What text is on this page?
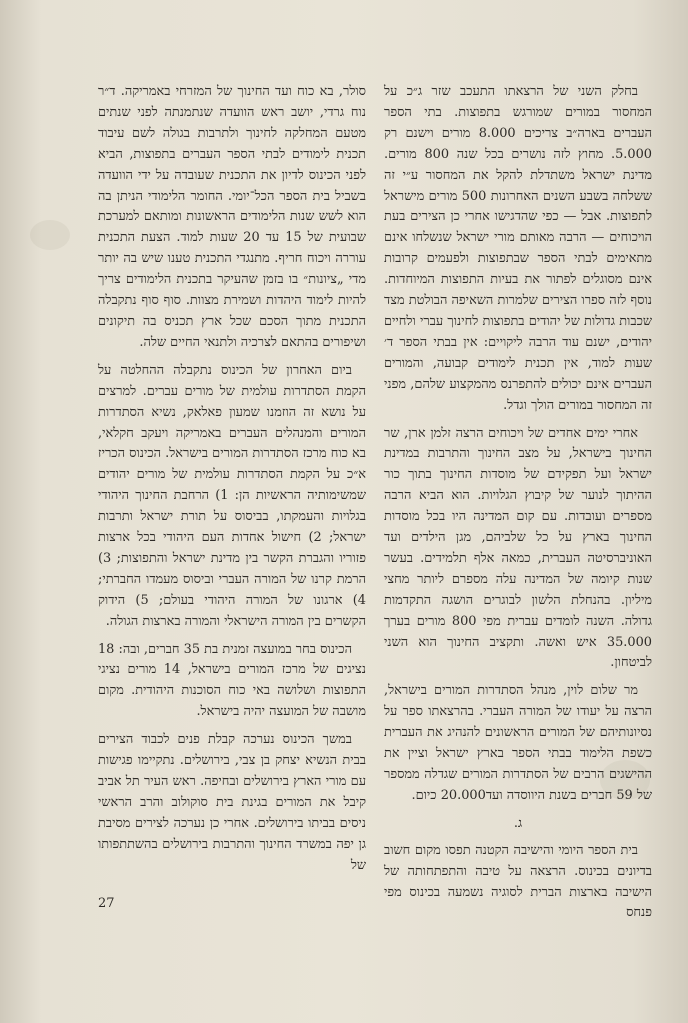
בחלק השני של הרצאתו התעכב שזר ג״כ על המחסור במורים שמורגש בתפוצות. בתי הספר העברים בארה״ב צריכים 8.000 מורים וישנם רק 5.000. מחוץ לזה נושרים בכל שנה 800 מורים. מדינת ישראל משתדלת להקל את המחסור ע״י זה ששלחה בשבע השנים האחרונות 500 מורים מישראל לתפוצות. אבל — כפי שהדגישו אחרי כן הצירים בעת הויכוחים — הרבה מאותם מורי ישראל שנשלחו אינם מתאימים לבתי הספר שבתפוצות ולפעמים קרובות אינם מסוגלים לפתור את בעיות התפוצות המיוחדות. נוסף לזה ספרו הצירים שלמרות השאיפה הבולטת מצד שכבות גדולות של יהודים בתפוצות לחינוך עברי ולחיים יהודים, ישנם עוד הרבה ליקויים: אין בבתי הספר ד׳ שעות למוד, אין תכנית לימודים קבועה, והמורים העברים אינם יכולים להתפרנס מהמקצוע שלהם, מפני זה המחסור במורים הולך וגדל.

אחרי ימים אחדים של ויכוחים הרצה זלמן ארן, שר החינוך בישראל, על מצב החינוך והתרבות במדינת ישראל ועל תפקידם של מוסדות החינוך בתוך כור ההיתוך לנוער של קיבוץ הגלויות. הוא הביא הרבה מספרים ועובדות. עם קום המדינה היו בכל מוסדות החינוך בארץ על כל שלביהם, מגן הילדים ועד האוניברסיטה העברית, כמאה אלף תלמידים. בעשר שנות קיומה של המדינה עלה מספרם ליותר מחצי מיליון. בהנחלת הלשון לבוגרים הושגה התקדמות גדולה. השנה לומדים עברית מפי 800 מורים בערך 35.000 איש ואשה. ותקציב החינוך הוא השני לביטחון.

מר שלום לוין, מנהל הסתדרות המורים בישראל, הרצה על יעודו של המורה העברי. בהרצאתו ספר על נסיונותיהם של המורים הראשונים להנהיג את העברית כשפת הלימוד בבתי הספר בארץ ישראל וציין את ההישגים הרבים של הסתדרות המורים שגדלה ממספר של 59 חברים בשנת היווסדה ועד20.000 כיום.

ג.

בית הספר היומי והישיבה הקטנה תפסו מקום חשוב בדיונים בכינוס. הרצאה על טיבה והתפתחותה של הישיבה בארצות הברית לסוגיה נשמעה בכינוס מפי פנחס

סולר, בא כוח ועד החינוך של המזרחי באמריקה. ד״ר נוח גרדי, יושב ראש הוועדה שנתמנתה לפני שנתים מטעם המחלקה לחינוך ולתרבות בגולה לשם עיבוד תכנית לימודים לבתי הספר העברים בתפוצות, הביא לפני הכינוס לדיון את התכנית שעובדה על ידי הוועדה בשביל בית הספר הכל־יומי. החומר הלימודי הניתן בה הוא לשש שנות הלימודים הראשונות ומותאם למערכת שבועית של 15 עד 20 שעות למוד. הצעת התכנית עוררה ויכוח חריף. מתנגדי התכנית טענו שיש בה יותר מדי „ציונות״ בו בזמן שהעיקר בתכנית הלימודים צריך להיות לימוד היהדות ושמירת מצוות. סוף סוף נתקבלה התכנית מתוך הסכם שכל ארץ תכניס בה תיקונים ושיפורים בהתאם לצרכיה ולתנאי החיים שלה.

ביום האחרון של הכינוס נתקבלה ההחלטה על הקמת הסתדרות עולמית של מורים עברים. למרצים על נושא זה הוזמנו שמעון פאלאק, נשיא הסתדרות המורים והמנהלים העברים באמריקה ויעקב חקלאי, בא כוח מרכז הסתדרות המורים בישראל. הכינוס הכריז א״כ על הקמת הסתדרות עולמית של מורים יהודים שמשימותיה הראשיות הן: 1) הרחבת החינוך היהודי בגלויות והעמקתו, בביסוס על תורת ישראל ותרבות ישראל; 2) חישול אחדות העם היהודי בכל ארצות פזוריו והגברת הקשר בין מדינת ישראל והתפוצות; 3) הרמת קרנו של המורה העברי וביסוס מעמדו החברתי; 4) ארגונו של המורה היהודי בעולם; 5) הידוק הקשרים בין המורה הישראלי והמורה בארצות הגולה.

הכינוס בחר במועצה זמנית בת 35 חברים, ובה: 18 נציגים של מרכז המורים בישראל, 14 מורים נציגי התפוצות ושלושה באי כוח הסוכנות היהודית. מקום מושבה של המועצה יהיה בישראל.

במשך הכינוס נערכה קבלת פנים לכבוד הצירים בבית הנשיא יצחק בן צבי, בירושלים. נתקיימו פגישות עם מורי הארץ בירושלים ובחיפה. ראש העיר תל אביב קיבל את המורים בגינת בית סוקולוב והרב הראשי ניסים בביתו בירושלים. אחרי כן נערכה לצירים מסיבת גן יפה במשרד החינוך והתרבות בירושלים בהשתתפותו של

27
